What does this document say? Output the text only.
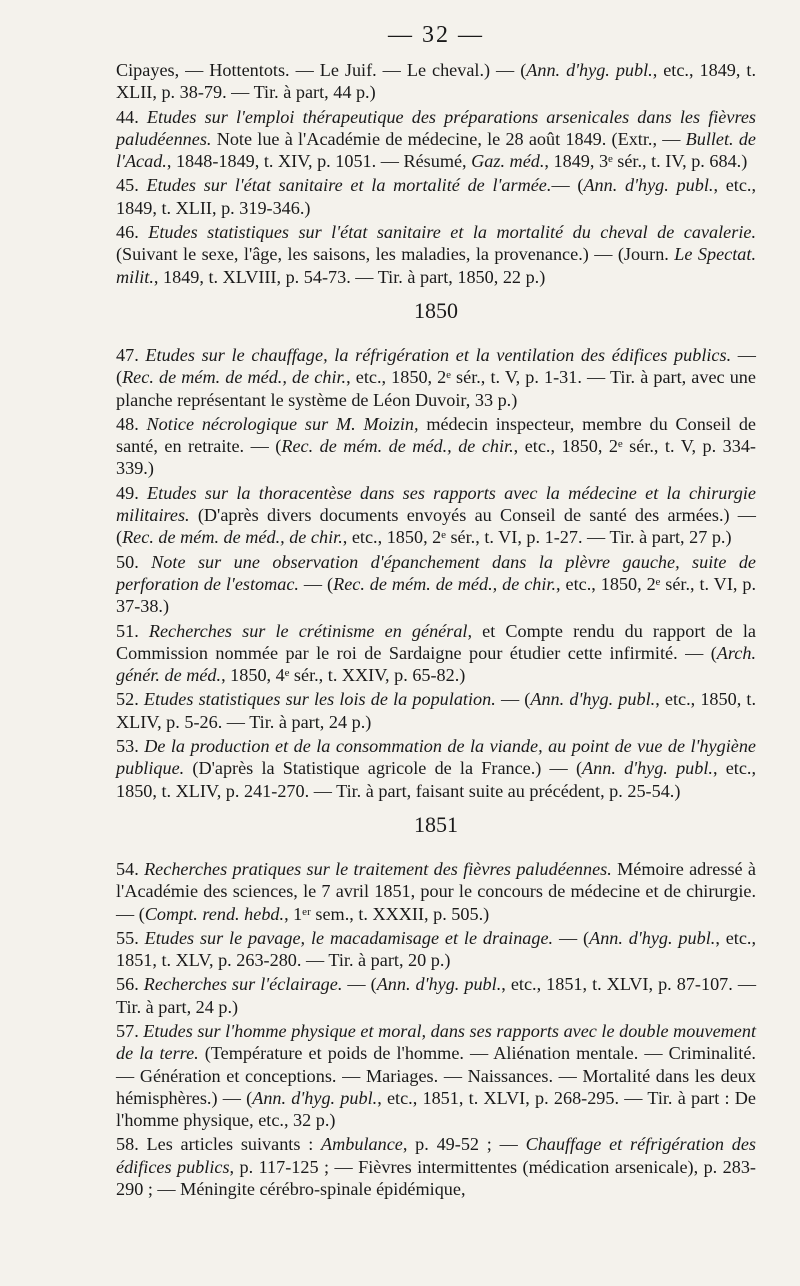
— 32 —

Cipayes, — Hottentots. — Le Juif. — Le cheval.) — (Ann. d'hyg. publ., etc., 1849, t. XLII, p. 38-79. — Tir. à part, 44 p.)

44. Etudes sur l'emploi thérapeutique des préparations arsenicales dans les fièvres paludéennes. Note lue à l'Académie de médecine, le 28 août 1849. (Extr., — Bullet. de l'Acad., 1848-1849, t. XIV, p. 1051. — Résumé, Gaz. méd., 1849, 3ᵉ sér., t. IV, p. 684.)

45. Etudes sur l'état sanitaire et la mortalité de l'armée.— (Ann. d'hyg. publ., etc., 1849, t. XLII, p. 319-346.)

46. Etudes statistiques sur l'état sanitaire et la mortalité du cheval de cavalerie. (Suivant le sexe, l'âge, les saisons, les maladies, la provenance.) — (Journ. Le Spectat. milit., 1849, t. XLVIII, p. 54-73. — Tir. à part, 1850, 22 p.)

1850

47. Etudes sur le chauffage, la réfrigération et la ventilation des édifices publics. — (Rec. de mém. de méd., de chir., etc., 1850, 2ᵉ sér., t. V, p. 1-31. — Tir. à part, avec une planche représentant le système de Léon Duvoir, 33 p.)

48. Notice nécrologique sur M. Moizin, médecin inspecteur, membre du Conseil de santé, en retraite. — (Rec. de mém. de méd., de chir., etc., 1850, 2ᵉ sér., t. V, p. 334-339.)

49. Etudes sur la thoracentèse dans ses rapports avec la médecine et la chirurgie militaires. (D'après divers documents envoyés au Conseil de santé des armées.) — (Rec. de mém. de méd., de chir., etc., 1850, 2ᵉ sér., t. VI, p. 1-27. — Tir. à part, 27 p.)

50. Note sur une observation d'épanchement dans la plèvre gauche, suite de perforation de l'estomac. — (Rec. de mém. de méd., de chir., etc., 1850, 2ᵉ sér., t. VI, p. 37-38.)

51. Recherches sur le crétinisme en général, et Compte rendu du rapport de la Commission nommée par le roi de Sardaigne pour étudier cette infirmité. — (Arch. génér. de méd., 1850, 4ᵉ sér., t. XXIV, p. 65-82.)

52. Etudes statistiques sur les lois de la population. — (Ann. d'hyg. publ., etc., 1850, t. XLIV, p. 5-26. — Tir. à part, 24 p.)

53. De la production et de la consommation de la viande, au point de vue de l'hygiène publique. (D'après la Statistique agricole de la France.) — (Ann. d'hyg. publ., etc., 1850, t. XLIV, p. 241-270. — Tir. à part, faisant suite au précédent, p. 25-54.)

1851

54. Recherches pratiques sur le traitement des fièvres paludéennes. Mémoire adressé à l'Académie des sciences, le 7 avril 1851, pour le concours de médecine et de chirurgie. — (Compt. rend. hebd., 1ᵉʳ sem., t. XXXII, p. 505.)

55. Etudes sur le pavage, le macadamisage et le drainage. — (Ann. d'hyg. publ., etc., 1851, t. XLV, p. 263-280. — Tir. à part, 20 p.)

56. Recherches sur l'éclairage. — (Ann. d'hyg. publ., etc., 1851, t. XLVI, p. 87-107. — Tir. à part, 24 p.)

57. Etudes sur l'homme physique et moral, dans ses rapports avec le double mouvement de la terre. (Température et poids de l'homme. — Aliénation mentale. — Criminalité. — Génération et conceptions. — Mariages. — Naissances. — Mortalité dans les deux hémisphères.) — (Ann. d'hyg. publ., etc., 1851, t. XLVI, p. 268-295. — Tir. à part : De l'homme physique, etc., 32 p.)

58. Les articles suivants : Ambulance, p. 49-52 ; — Chauffage et réfrigération des édifices publics, p. 117-125 ; — Fièvres intermittentes (médication arsenicale), p. 283-290 ; — Méningite cérébro-spinale épidémique,
